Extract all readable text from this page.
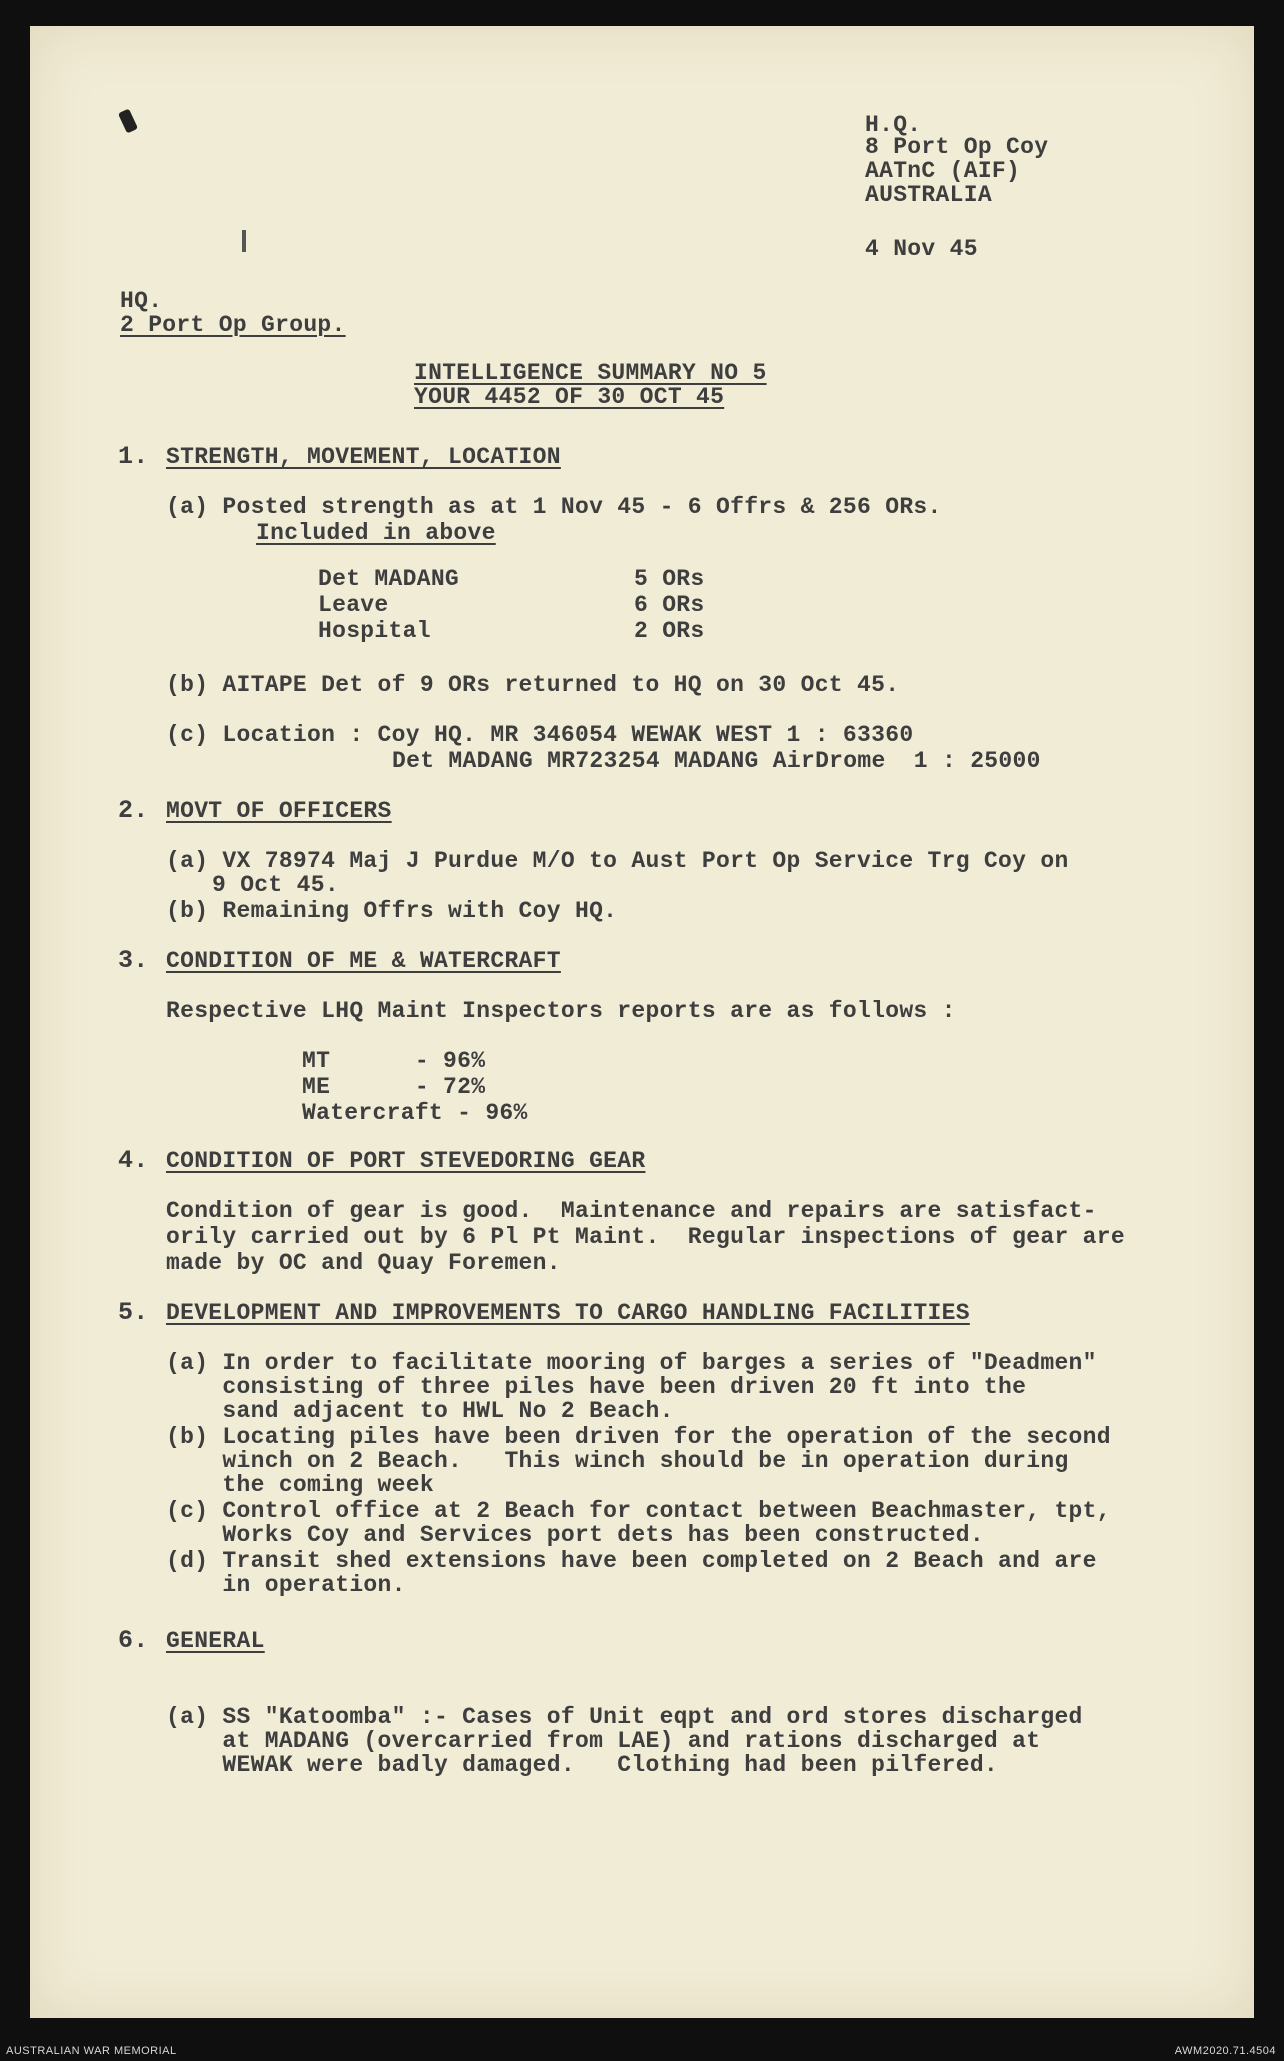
H.Q.
8 Port Op Coy
AATnC (AIF)
AUSTRALIA
4 Nov 45
HQ.
2 Port Op Group.
INTELLIGENCE SUMMARY NO 5
YOUR 4452 OF 30 OCT 45
1. STRENGTH, MOVEMENT, LOCATION
(a) Posted strength as at 1 Nov 45 - 6 Offrs & 256 ORs.
Included in above
Det MADANG	5 ORs
Leave	6 ORs
Hospital	2 ORs
(b) AITAPE Det of 9 ORs returned to HQ on 30 Oct 45.
(c) Location : Coy HQ. MR 346054 WEWAK WEST 1 : 63360
Det MADANG MR723254 MADANG AirDrome  1 : 25000
2. MOVT OF OFFICERS
(a) VX 78974 Maj J Purdue M/O to Aust Port Op Service Trg Coy on
9 Oct 45.
(b) Remaining Offrs with Coy HQ.
3. CONDITION OF ME & WATERCRAFT
Respective LHQ Maint Inspectors reports are as follows :
MT      - 96%
ME      - 72%
Watercraft - 96%
4. CONDITION OF PORT STEVEDORING GEAR
Condition of gear is good.  Maintenance and repairs are satisfact-
orily carried out by 6 Pl Pt Maint.  Regular inspections of gear are
made by OC and Quay Foremen.
5. DEVELOPMENT AND IMPROVEMENTS TO CARGO HANDLING FACILITIES
(a) In order to facilitate mooring of barges a series of "Deadmen"
consisting of three piles have been driven 20 ft into the
sand adjacent to HWL No 2 Beach.
(b) Locating piles have been driven for the operation of the second
winch on 2 Beach.   This winch should be in operation during
the coming week
(c) Control office at 2 Beach for contact between Beachmaster, tpt,
Works Coy and Services port dets has been constructed.
(d) Transit shed extensions have been completed on 2 Beach and are
in operation.
6. GENERAL
(a) SS "Katoomba" :- Cases of Unit eqpt and ord stores discharged
at MADANG (overcarried from LAE) and rations discharged at
WEWAK were badly damaged.   Clothing had been pilfered.
AUSTRALIAN WAR MEMORIAL	AWM2020.71.4504
